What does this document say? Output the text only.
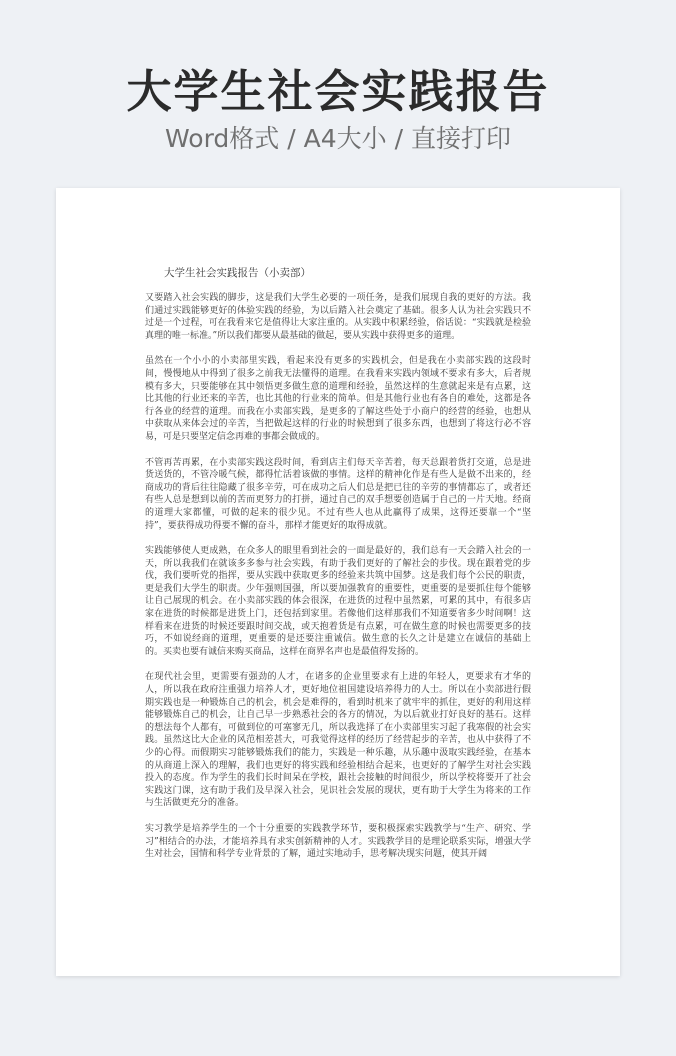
大学生社会实践报告
Word格式 / A4大小 / 直接打印
大学生社会实践报告（小卖部）

又要踏入社会实践的脚步，这是我们大学生必要的一项任务，是我们展现自我的更好的方法。我们通过实践能够更好的体验实践的经验，为以后踏入社会奠定了基础。很多人认为社会实践只不过是一个过程，可在我看来它是值得让大家注重的。从实践中积累经验，俗话说：“实践就是检验真理的唯一标准。”所以我们都要从最基础的做起，要从实践中获得更多的道理。

虽然在一个小小的小卖部里实践，看起来没有更多的实践机会，但是我在小卖部实践的这段时间，慢慢地从中得到了很多之前我无法懂得的道理。在我看来实践内领域不要求有多大，后者规模有多大，只要能够在其中领悟更多做生意的道理和经验，虽然这样的生意就起来是有点累，这比其他的行业还来的辛苦，也比其他的行业来的简单。但是其他行业也有各自的难处，这都是各行各业的经营的道理。而我在小卖部实践，是更多的了解这些处于小商户的经营的经验，也想从中获取从来体会过的辛苦，当把做起这样的行业的时候想到了很多东西，也想到了将这行必不容易，可是只要坚定信念再难的事都会做成的。

不管再苦再累，在小卖部实践这段时间，看到店主们每天辛苦着，每天总跟着货打交道，总是进货送货的，不管冷暖气候，都得忙活着该做的事情。这样的精神化作是有些人是做不出来的，经商成功的背后往往隐藏了很多辛劳，可在成功之后人们总是把已往的辛劳的事情都忘了，或者还有些人总是想到以前的苦而更努力的打拼，通过自己的双手想要创造属于自己的一片天地。经商的道理大家都懂，可做的起来的很少见。不过有些人也从此赢得了成果，这得还要靠一个“坚持”，要获得成功得要不懈的奋斗，那样才能更好的取得成就。

实践能够使人更成熟，在众多人的眼里看到社会的一面是最好的，我们总有一天会踏入社会的一天，所以我我们在就该多多参与社会实践，有助于我们更好的了解社会的步伐。现在跟着党的步伐，我们要听党的指挥，要从实践中获取更多的经验来共筑中国梦。这是我们每个公民的职责，更是我们大学生的职责。少年强则国强，所以要加强教育的重要性，更重要的是要抓住每个能够让自己展现的机会。在小卖部实践的体会很深，在进货的过程中虽然累，可累的其中，有很多店家在进货的时候都是进货上门，还包括到家里。若像他们这样那我们不知道要省多少时间啊！这样看来在进货的时候还要跟时间交战，或天抱着货是有点累，可在做生意的时候也需要更多的技巧，不如说经商的道理，更重要的是还要注重诚信。做生意的长久之计是建立在诚信的基础上的。买卖也要有诚信来购买商品，这样在商界名声也是最值得发扬的。

在现代社会里，更需要有强劲的人才，在诸多的企业里要求有上进的年轻人，更要求有才华的人，所以我在政府注重强力培养人才，更好地位祖国建设培养得力的人士。所以在小卖部进行假期实践也是一种锻炼自己的机会，机会是难得的，看到时机来了就牢牢的抓住，更好的利用这样能够锻炼自己的机会，让自己早一步熟悉社会的各方的情况，为以后就业打好良好的基石。这样的想法每个人都有，可做到位的可塞寥无几，所以我选择了在小卖部里实习起了我寒假的社会实践。虽然这比大企业的风范相差甚大，可我觉得这样的经历了经营起步的辛苦，也从中获得了不少的心得。而假期实习能够锻炼我们的能力，实践是一种乐趣，从乐趣中汲取实践经验，在基本的从商道上深入的理解，我们也更好的将实践和经验相结合起来，也更好的了解学生对社会实践投入的态度。作为学生的我们长时间呆在学校，跟社会接触的时间很少，所以学校将要开了社会实践这门课，这有助于我们及早深入社会，见识社会发展的现状，更有助于大学生为将来的工作与生活做更充分的准备。

实习教学是培养学生的一个十分重要的实践教学环节，要积极探索实践教学与“生产、研究、学习”相结合的办法，才能培养具有求实创新精神的人才。实践教学目的是理论联系实际，增强大学生对社会，国情和科学专业背景的了解，通过实地动手，思考解决现实问题，使其开阔
